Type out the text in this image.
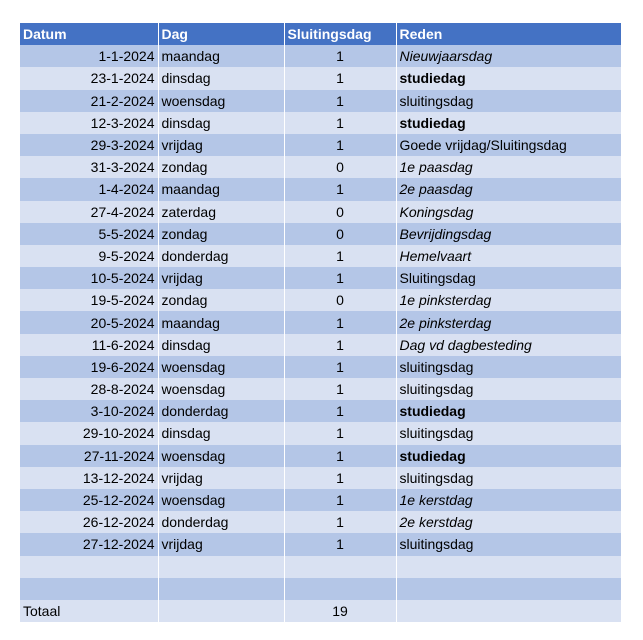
Datum	Dag	Sluitingsdag	Reden
1-1-2024	maandag	1	Nieuwjaarsdag
23-1-2024	dinsdag	1	studiedag
21-2-2024	woensdag	1	sluitingsdag
12-3-2024	dinsdag	1	studiedag
29-3-2024	vrijdag	1	Goede vrijdag/Sluitingsdag
31-3-2024	zondag	0	1e paasdag
1-4-2024	maandag	1	2e paasdag
27-4-2024	zaterdag	0	Koningsdag
5-5-2024	zondag	0	Bevrijdingsdag
9-5-2024	donderdag	1	Hemelvaart
10-5-2024	vrijdag	1	Sluitingsdag
19-5-2024	zondag	0	1e pinksterdag
20-5-2024	maandag	1	2e pinksterdag
11-6-2024	dinsdag	1	Dag vd dagbesteding
19-6-2024	woensdag	1	sluitingsdag
28-8-2024	woensdag	1	sluitingsdag
3-10-2024	donderdag	1	studiedag
29-10-2024	dinsdag	1	sluitingsdag
27-11-2024	woensdag	1	studiedag
13-12-2024	vrijdag	1	sluitingsdag
25-12-2024	woensdag	1	1e kerstdag
26-12-2024	donderdag	1	2e kerstdag
27-12-2024	vrijdag	1	sluitingsdag

Totaal		19	
